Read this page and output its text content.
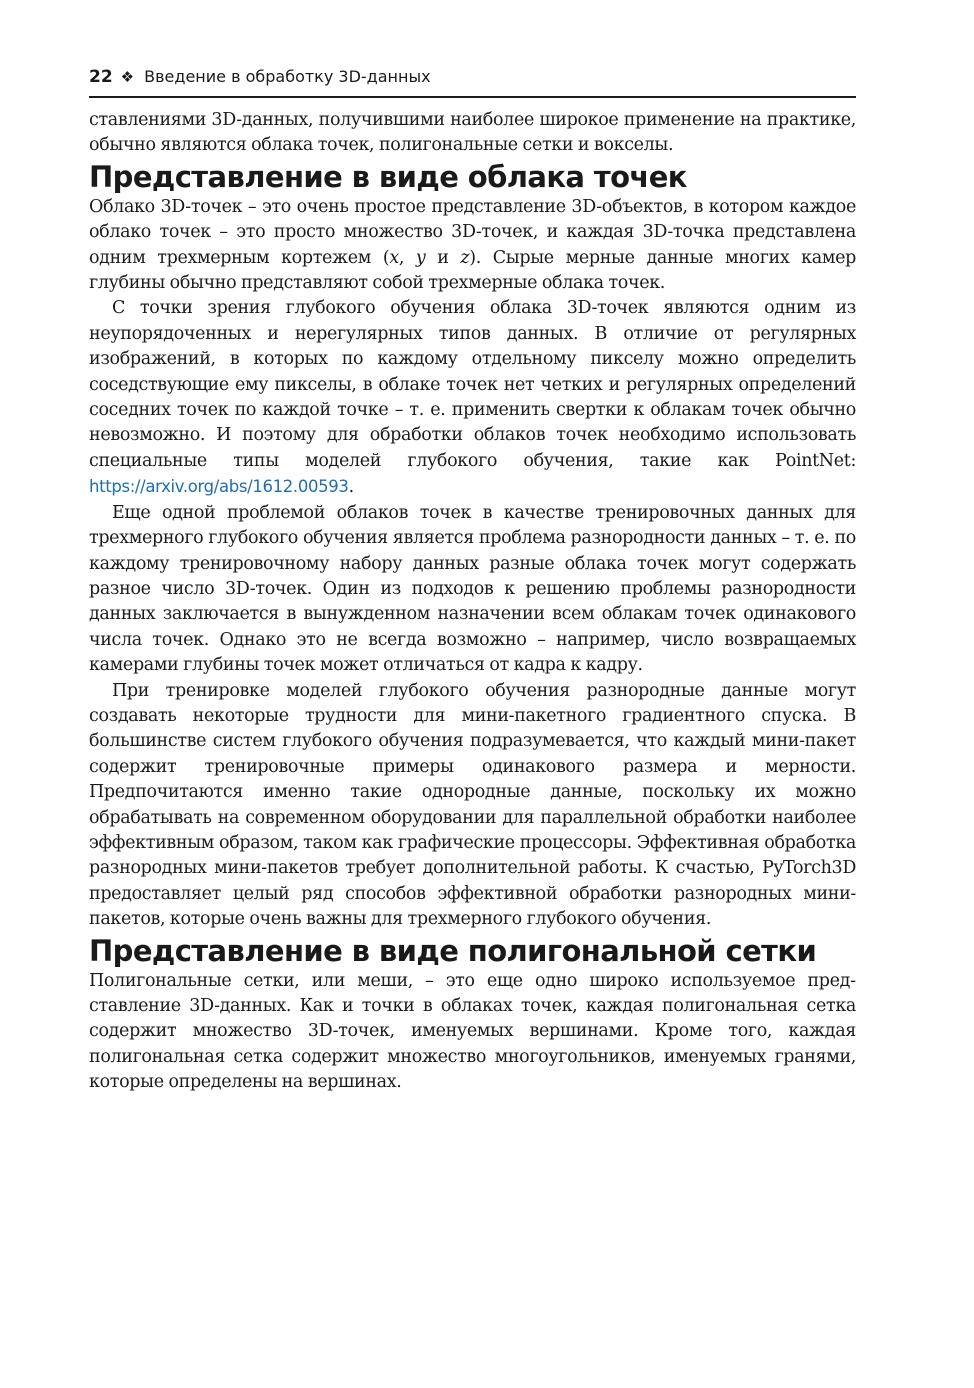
22 ❖ Введение в обработку 3D-данных

ставлениями 3D-данных, получившими наиболее широкое применение на практике, обычно являются облака точек, полигональные сетки и вокселы.

Представление в виде облака точек

Облако 3D-точек – это очень простое представление 3D-объектов, в котором каждое облако точек – это просто множество 3D-точек, и каждая 3D-точка представлена одним трехмерным кортежем (x, y и z). Сырые мерные данные многих камер глубины обычно представляют собой трехмерные облака точек.

С точки зрения глубокого обучения облака 3D-точек являются одним из неупорядоченных и нерегулярных типов данных. В отличие от регулярных изображений, в которых по каждому отдельному пикселу можно определить соседствующие ему пикселы, в облаке точек нет четких и регулярных определений соседних точек по каждой точке – т. е. применить свертки к облакам точек обычно невозможно. И поэтому для обработки облаков точек необходимо использовать специальные типы моделей глубокого обучения, такие как PointNet: https://arxiv.org/abs/1612.00593.

Еще одной проблемой облаков точек в качестве тренировочных данных для трехмерного глубокого обучения является проблема разнородности данных – т. е. по каждому тренировочному набору данных разные облака точек могут содержать разное число 3D-точек. Один из подходов к решению проблемы разнородности данных заключается в вынужденном назначении всем облакам точек одинакового числа точек. Однако это не всегда возможно – например, число возвращаемых камерами глубины точек может отличаться от кадра к кадру.

При тренировке моделей глубокого обучения разнородные данные могут создавать некоторые трудности для мини-пакетного градиентного спуска. В большинстве систем глубокого обучения подразумевается, что каждый мини-пакет содержит тренировочные примеры одинакового размера и мерности. Предпочитаются именно такие однородные данные, поскольку их можно обрабатывать на современном оборудовании для параллельной обработки наиболее эффективным образом, таком как графические процессоры. Эффективная обработка разнородных мини-пакетов требует дополнительной работы. К счастью, PyTorch3D предоставляет целый ряд способов эффективной обработки разнородных мини-пакетов, которые очень важны для трехмерного глубокого обучения.

Представление в виде полигональной сетки

Полигональные сетки, или меши, – это еще одно широко используемое представление 3D-данных. Как и точки в облаках точек, каждая полигональная сетка содержит множество 3D-точек, именуемых вершинами. Кроме того, каждая полигональная сетка содержит множество многоугольников, именуемых гранями, которые определены на вершинах.
